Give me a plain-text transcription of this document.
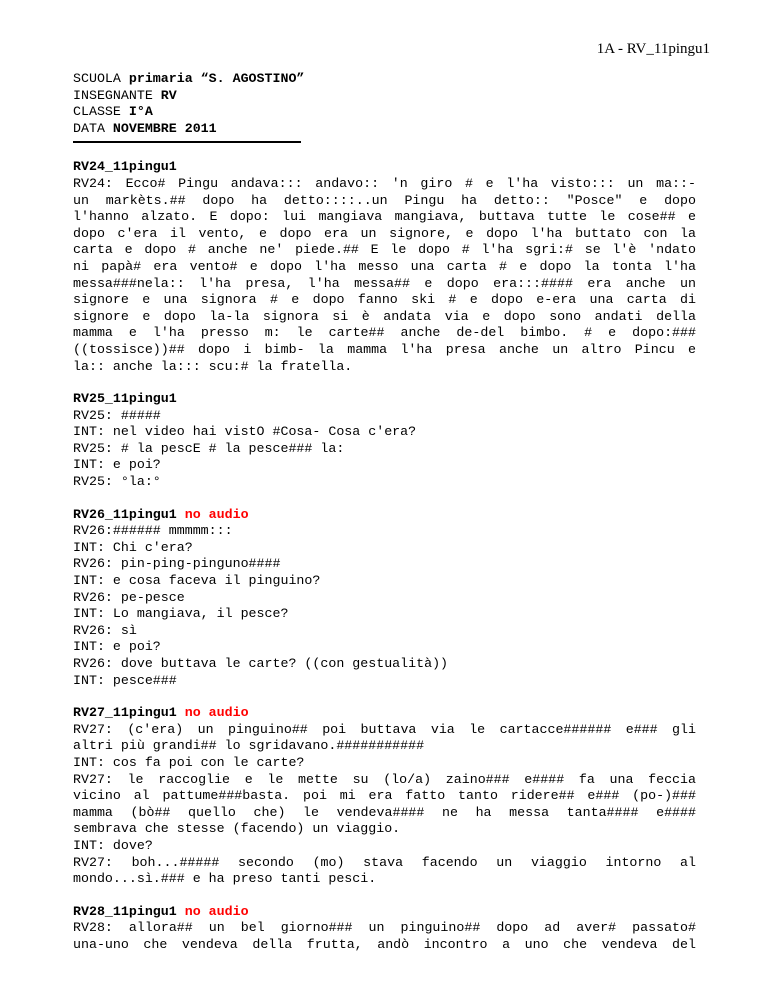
1A - RV_11pingu1
SCUOLA primaria “S. AGOSTINO”
INSEGNANTE RV
CLASSE I°A
DATA NOVEMBRE 2011
RV24_11pingu1
RV24: Ecco# Pingu andava::: andavo:: 'n giro # e l'ha visto::: un ma::-
un markèts.## dopo ha detto::::..un Pingu ha detto:: "Posce" e dopo
l'hanno alzato. E dopo: lui mangiava mangiava, buttava tutte le cose## e
dopo c'era il vento, e dopo era un signore, e dopo l'ha buttato con la
carta e dopo # anche ne' piede.## E le dopo # l'ha sgri:# se l'è 'ndato
ni papà# era vento# e dopo l'ha messo una carta # e dopo la tonta l'ha
messa###nela:: l'ha presa, l'ha messa## e dopo era:::#### era anche un
signore e una signora # e dopo fanno ski # e dopo e-era una carta di
signore e dopo la-la signora si è andata via e dopo sono andati della
mamma e l'ha presso m: le carte## anche de-del bimbo. # e dopo:###
((tossisce))## dopo i bimb- la mamma l'ha presa anche un altro Pincu e
la:: anche la::: scu:# la fratella.
RV25_11pingu1
RV25: #####
INT: nel video hai vistO #Cosa- Cosa c'era?
RV25: # la pescE # la pesce### la:
INT: e poi?
RV25: °la:°
RV26_11pingu1 no audio
RV26:###### mmmmm:::
INT: Chi c'era?
RV26: pin-ping-pinguno####
INT: e cosa faceva il pinguino?
RV26: pe-pesce
INT: Lo mangiava, il pesce?
RV26: sì
INT: e poi?
RV26: dove buttava le carte? ((con gestualità))
INT: pesce###
RV27_11pingu1 no audio
RV27: (c'era) un pinguino## poi buttava via le cartacce###### e### gli
altri più grandi## lo sgridavano.###########
INT: cos fa poi con le carte?
RV27: le raccoglie e le mette su (lo/a) zaino### e#### fa una feccia
vicino al pattume###basta. poi mi era fatto tanto ridere## e### (po-)###
mamma (bò## quello che) le vendeva#### ne ha messa tanta#### e####
sembrava che stesse (facendo) un viaggio.
INT: dove?
RV27: boh...##### secondo (mo) stava facendo un viaggio intorno al
mondo...sì.### e ha preso tanti pesci.
RV28_11pingu1 no audio
RV28: allora## un bel giorno### un pinguino## dopo ad aver# passato#
una-uno che vendeva della frutta, andò incontro a uno che vendeva del
